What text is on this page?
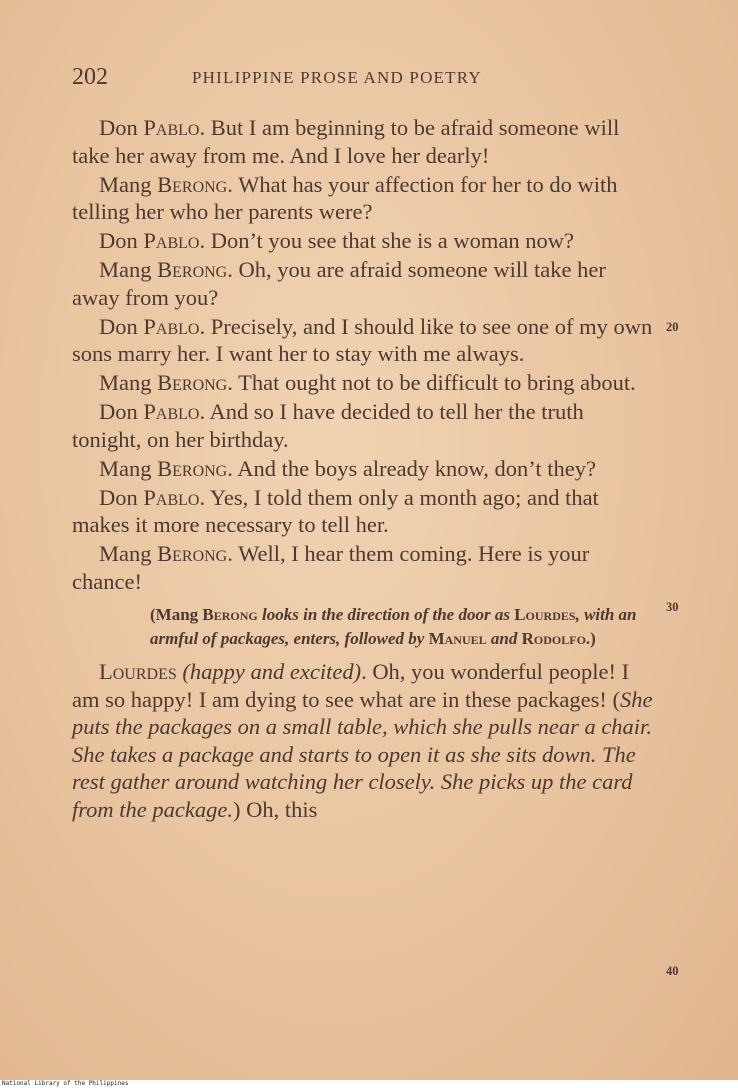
202	PHILIPPINE PROSE AND POETRY

Don Pablo. But I am beginning to be afraid someone will take her away from me. And I love her dearly!

Mang Berong. What has your affection for her to do with telling her who her parents were?

Don Pablo. Don’t you see that she is a woman now?

Mang Berong. Oh, you are afraid someone will take her away from you?

Don Pablo. Precisely, and I should like to see one of my own sons marry her. I want her to stay with me always.

Mang Berong. That ought not to be difficult to bring about.

Don Pablo. And so I have decided to tell her the truth tonight, on her birthday.

Mang Berong. And the boys already know, don’t they?

Don Pablo. Yes, I told them only a month ago; and that makes it more necessary to tell her.

Mang Berong. Well, I hear them coming. Here is your chance!

(Mang Berong looks in the direction of the door as Lourdes, with an armful of packages, enters, followed by Manuel and Rodolfo.)

Lourdes (happy and excited). Oh, you wonderful people! I am so happy! I am dying to see what are in these packages! (She puts the packages on a small table, which she pulls near a chair. She takes a package and starts to open it as she sits down. The rest gather around watching her closely. She picks up the card from the package.) Oh, this

20
30
40
National Library of the Philippines
